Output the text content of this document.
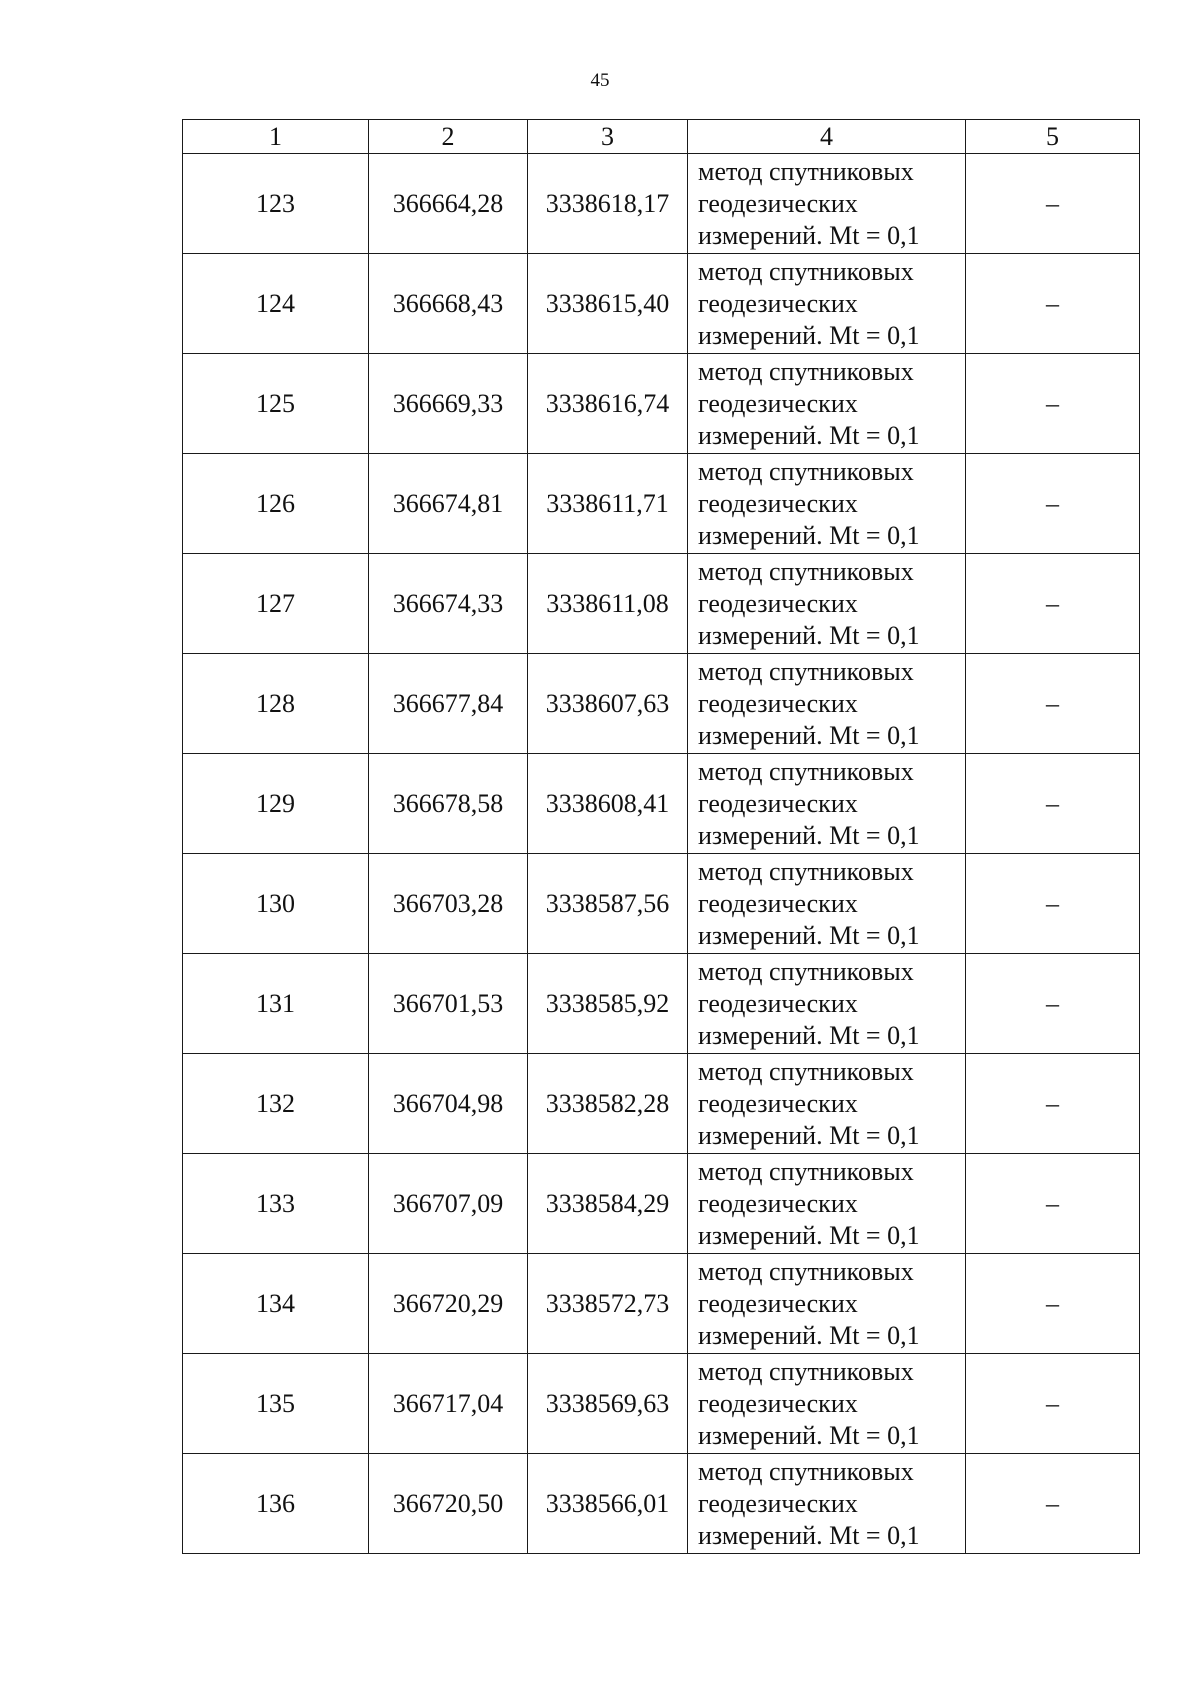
45
1	2	3	4	5
123	366664,28	3338618,17	метод спутниковых
геодезических
измерений. Mt = 0,1	–
124	366668,43	3338615,40	метод спутниковых
геодезических
измерений. Mt = 0,1	–
125	366669,33	3338616,74	метод спутниковых
геодезических
измерений. Mt = 0,1	–
126	366674,81	3338611,71	метод спутниковых
геодезических
измерений. Mt = 0,1	–
127	366674,33	3338611,08	метод спутниковых
геодезических
измерений. Mt = 0,1	–
128	366677,84	3338607,63	метод спутниковых
геодезических
измерений. Mt = 0,1	–
129	366678,58	3338608,41	метод спутниковых
геодезических
измерений. Mt = 0,1	–
130	366703,28	3338587,56	метод спутниковых
геодезических
измерений. Mt = 0,1	–
131	366701,53	3338585,92	метод спутниковых
геодезических
измерений. Mt = 0,1	–
132	366704,98	3338582,28	метод спутниковых
геодезических
измерений. Mt = 0,1	–
133	366707,09	3338584,29	метод спутниковых
геодезических
измерений. Mt = 0,1	–
134	366720,29	3338572,73	метод спутниковых
геодезических
измерений. Mt = 0,1	–
135	366717,04	3338569,63	метод спутниковых
геодезических
измерений. Mt = 0,1	–
136	366720,50	3338566,01	метод спутниковых
геодезических
измерений. Mt = 0,1	–
